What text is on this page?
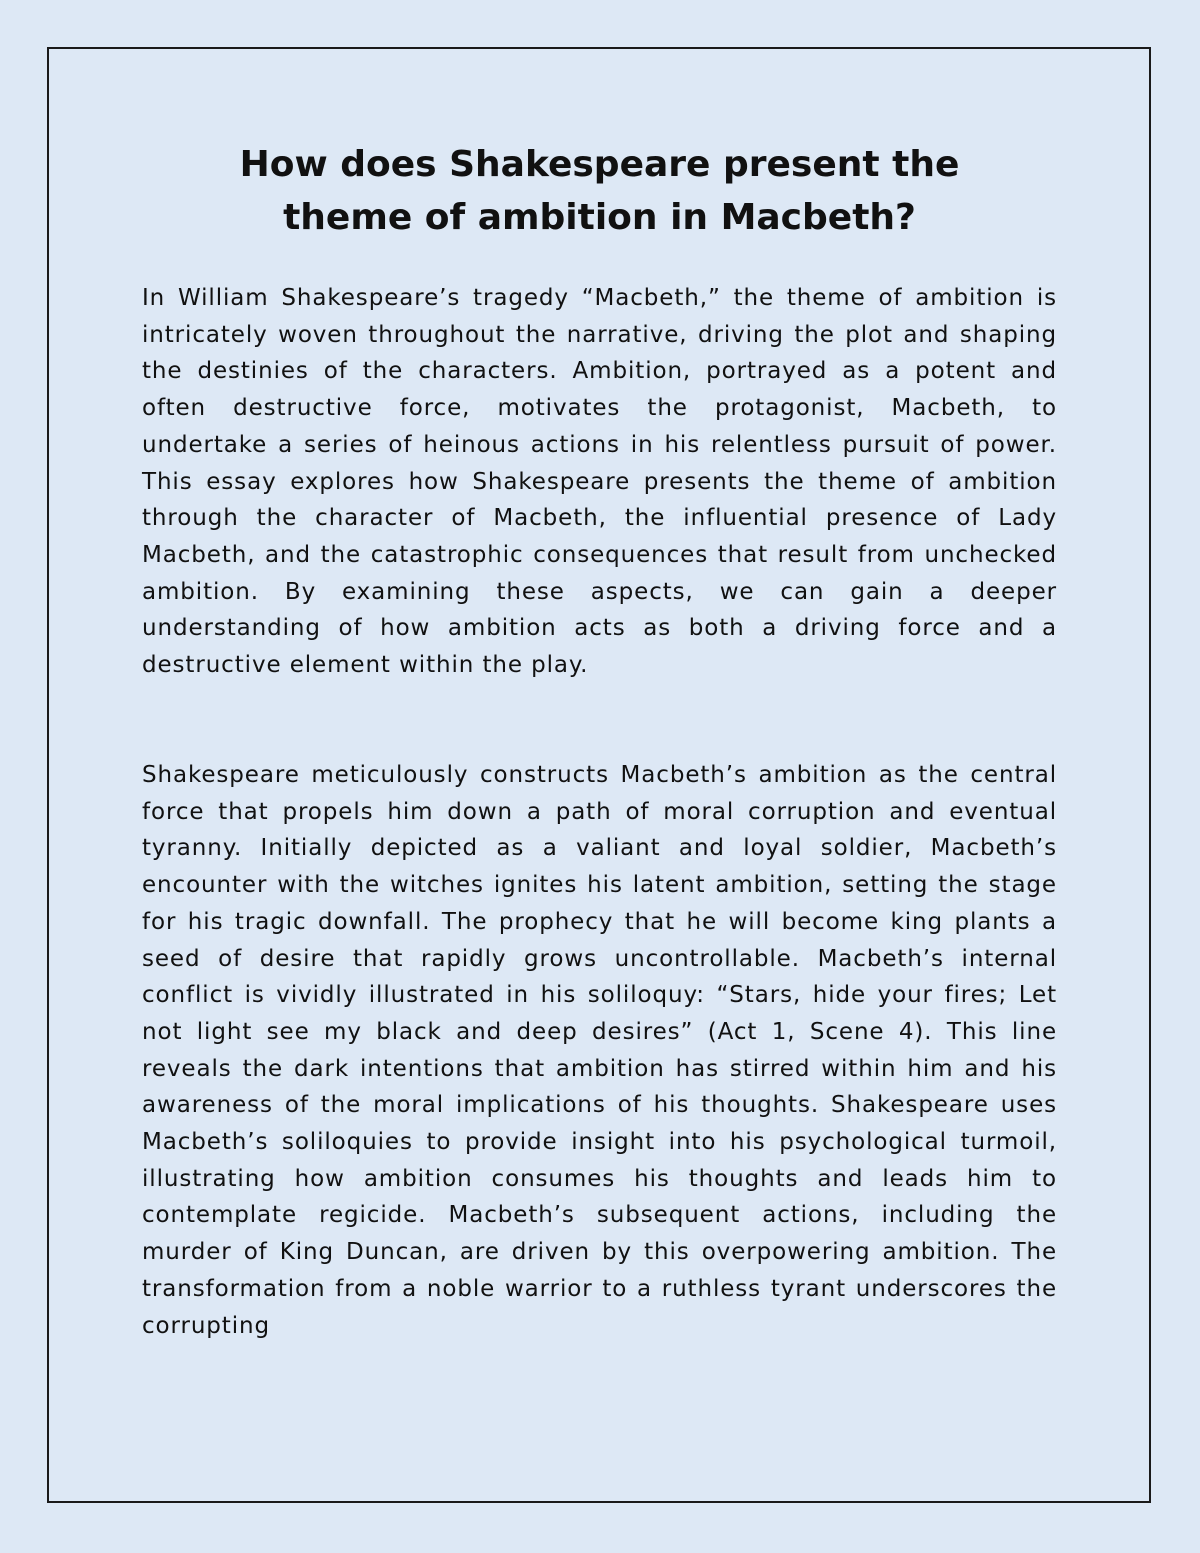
How does Shakespeare present the
theme of ambition in Macbeth?

In William Shakespeare’s tragedy “Macbeth,” the theme of ambition is intricately woven throughout the narrative, driving the plot and shaping the destinies of the characters. Ambition, portrayed as a potent and often destructive force, motivates the protagonist, Macbeth, to undertake a series of heinous actions in his relentless pursuit of power. This essay explores how Shakespeare presents the theme of ambition through the character of Macbeth, the influential presence of Lady Macbeth, and the catastrophic consequences that result from unchecked ambition. By examining these aspects, we can gain a deeper understanding of how ambition acts as both a driving force and a destructive element within the play.

Shakespeare meticulously constructs Macbeth’s ambition as the central force that propels him down a path of moral corruption and eventual tyranny. Initially depicted as a valiant and loyal soldier, Macbeth’s encounter with the witches ignites his latent ambition, setting the stage for his tragic downfall. The prophecy that he will become king plants a seed of desire that rapidly grows uncontrollable. Macbeth’s internal conflict is vividly illustrated in his soliloquy: “Stars, hide your fires; Let not light see my black and deep desires” (Act 1, Scene 4). This line reveals the dark intentions that ambition has stirred within him and his awareness of the moral implications of his thoughts. Shakespeare uses Macbeth’s soliloquies to provide insight into his psychological turmoil, illustrating how ambition consumes his thoughts and leads him to contemplate regicide. Macbeth’s subsequent actions, including the murder of King Duncan, are driven by this overpowering ambition. The transformation from a noble warrior to a ruthless tyrant underscores the corrupting
